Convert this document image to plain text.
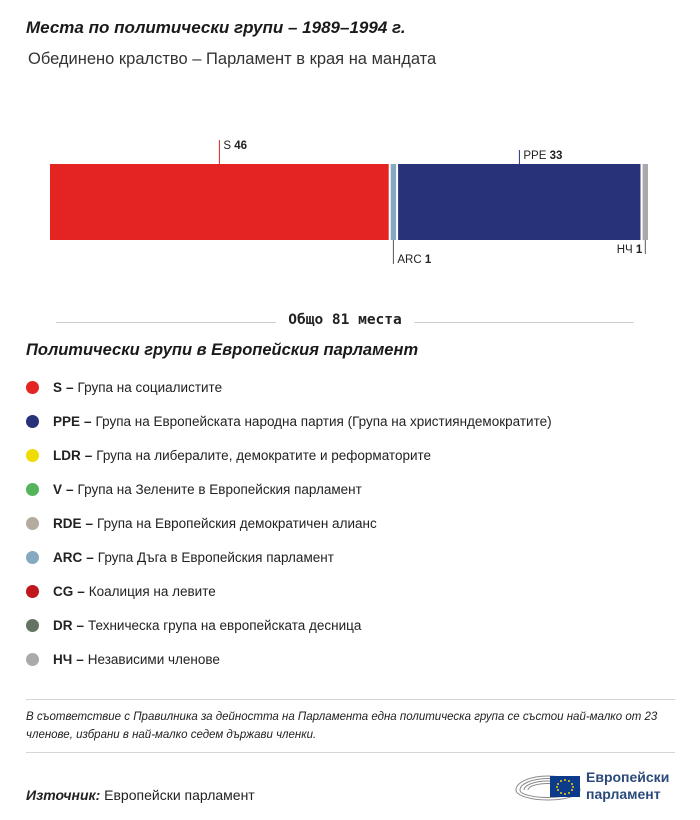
Места по политически групи – 1989–1994 г.
Обединено кралство – Парламент в края на мандата
S 46
ARC 1
PPE 33
НЧ 1
Общо 81 места
Политически групи в Европейския парламент
S – Група на социалистите
PPE – Група на Европейската народна партия (Група на християндемократите)
LDR – Група на либералите, демократите и реформаторите
V – Група на Зелените в Европейския парламент
RDE – Група на Европейския демократичен алианс
ARC – Група Дъга в Европейския парламент
CG – Коалиция на левите
DR – Техническа група на европейската десница
НЧ – Независими членове
В съответствие с Правилника за дейността на Парламента една политическа група се състои най-малко от 23 членове, избрани в най-малко седем държави членки.
Източник: Европейски парламент
Европейски
парламент
